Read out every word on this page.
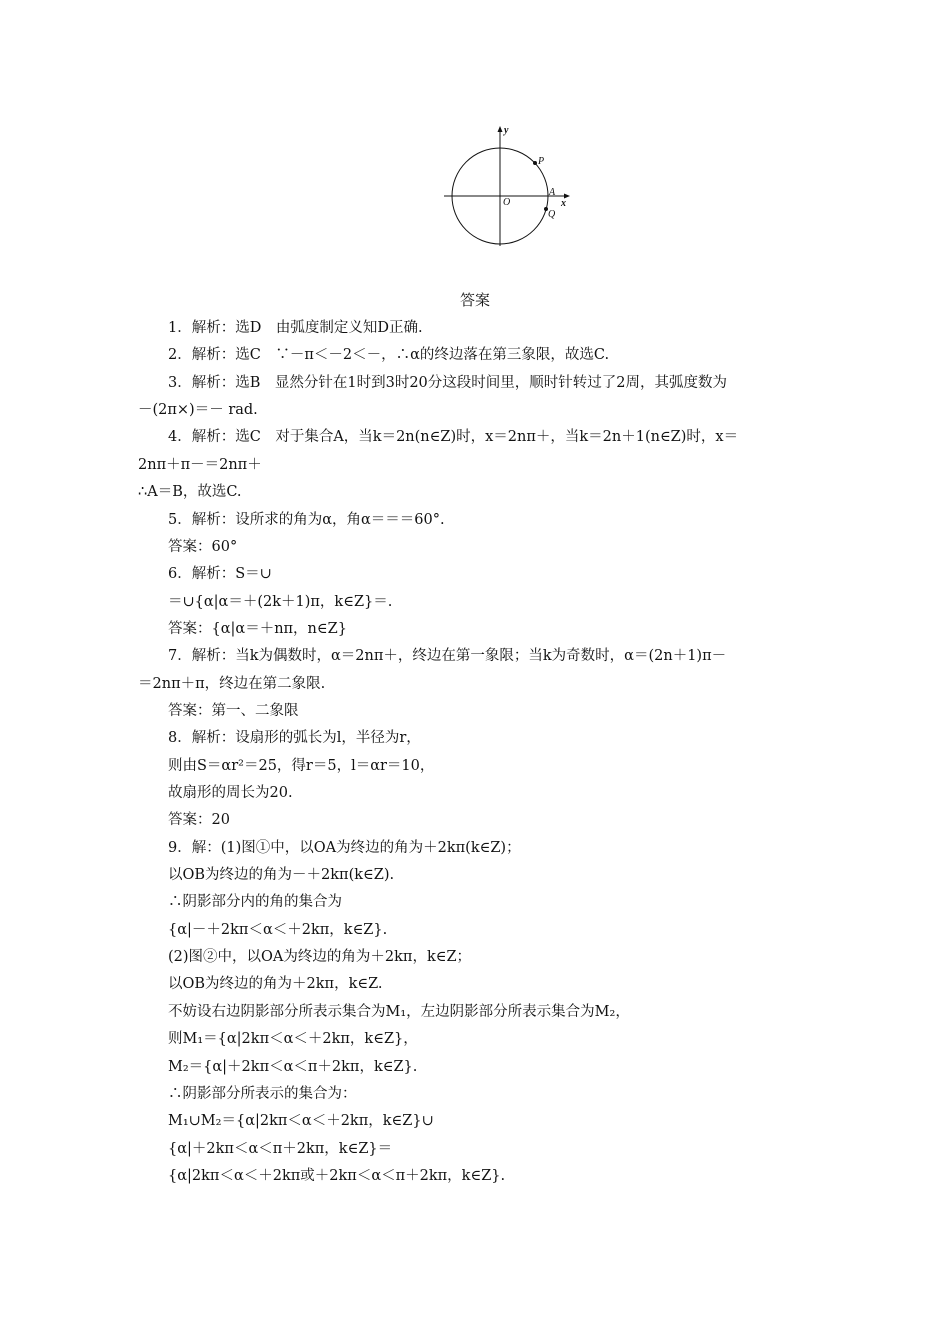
y
x
O
P
A
Q
答案
1．解析：选D　由弧度制定义知D正确.
2．解析：选C　∵－π＜－2＜－，∴α的终边落在第三象限，故选C.
3．解析：选B　显然分针在1时到3时20分这段时间里，顺时针转过了2周，其弧度数为
－(2π×)＝－ rad.
4．解析：选C　对于集合A，当k＝2n(n∈Z)时，x＝2nπ＋，当k＝2n＋1(n∈Z)时，x＝
2nπ＋π－＝2nπ＋
∴A＝B，故选C.
5．解析：设所求的角为α，角α＝＝＝60°.
答案：60°
6．解析：S＝∪
＝∪{α|α＝＋(2k＋1)π，k∈Z}＝.
答案：{α|α＝＋nπ，n∈Z}
7．解析：当k为偶数时，α＝2nπ＋，终边在第一象限；当k为奇数时，α＝(2n＋1)π－
＝2nπ＋π，终边在第二象限.
答案：第一、二象限
8．解析：设扇形的弧长为l，半径为r，
则由S＝αr²＝25，得r＝5，l＝αr＝10，
故扇形的周长为20.
答案：20
9．解：(1)图①中，以OA为终边的角为＋2kπ(k∈Z)；
以OB为终边的角为－＋2kπ(k∈Z).
∴阴影部分内的角的集合为
{α|－＋2kπ＜α＜＋2kπ，k∈Z}.
(2)图②中，以OA为终边的角为＋2kπ，k∈Z；
以OB为终边的角为＋2kπ，k∈Z.
不妨设右边阴影部分所表示集合为M₁，左边阴影部分所表示集合为M₂，
则M₁＝{α|2kπ＜α＜＋2kπ，k∈Z}，
M₂＝{α|＋2kπ＜α＜π＋2kπ，k∈Z}.
∴阴影部分所表示的集合为：
M₁∪M₂＝{α|2kπ＜α＜＋2kπ，k∈Z}∪
{α|＋2kπ＜α＜π＋2kπ，k∈Z}＝
{α|2kπ＜α＜＋2kπ或＋2kπ＜α＜π＋2kπ，k∈Z}.
